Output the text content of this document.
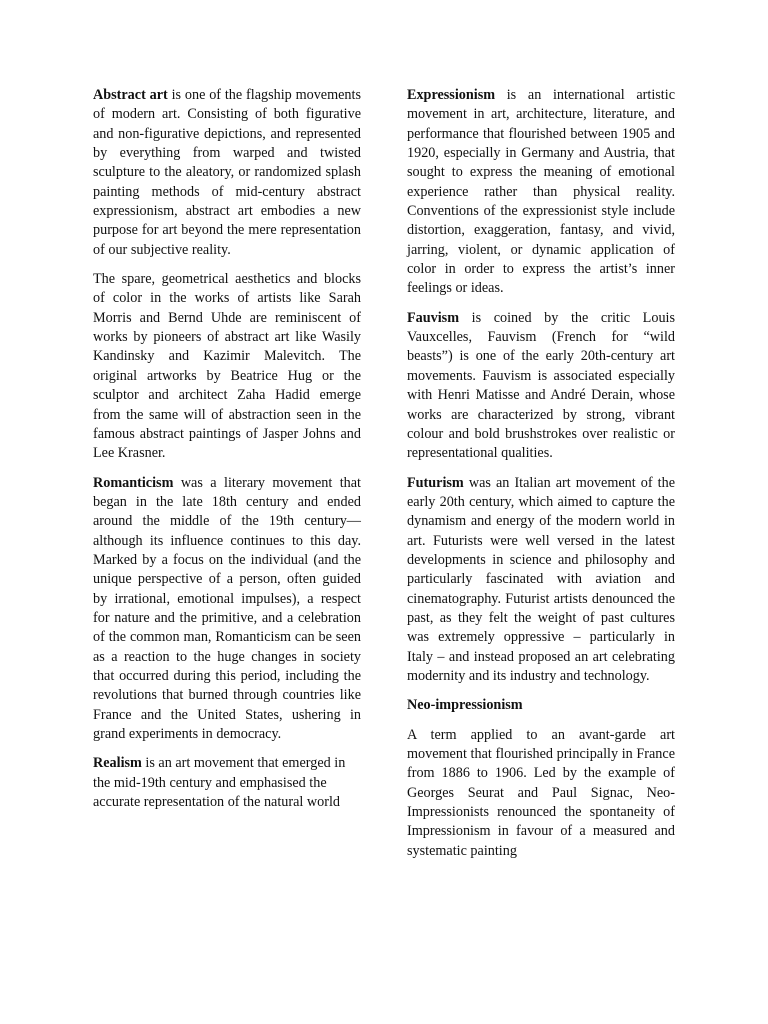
Abstract art is one of the flagship movements of modern art. Consisting of both figurative and non-figurative depictions, and represented by everything from warped and twisted sculpture to the aleatory, or randomized splash painting methods of mid-century abstract expressionism, abstract art embodies a new purpose for art beyond the mere representation of our subjective reality.

The spare, geometrical aesthetics and blocks of color in the works of artists like Sarah Morris and Bernd Uhde are reminiscent of works by pioneers of abstract art like Wasily Kandinsky and Kazimir Malevitch. The original artworks by Beatrice Hug or the sculptor and architect Zaha Hadid emerge from the same will of abstraction seen in the famous abstract paintings of Jasper Johns and Lee Krasner.

Romanticism was a literary movement that began in the late 18th century and ended around the middle of the 19th century—although its influence continues to this day. Marked by a focus on the individual (and the unique perspective of a person, often guided by irrational, emotional impulses), a respect for nature and the primitive, and a celebration of the common man, Romanticism can be seen as a reaction to the huge changes in society that occurred during this period, including the revolutions that burned through countries like France and the United States, ushering in grand experiments in democracy.

Realism is an art movement that emerged in the mid-19th century and emphasised the accurate representation of the natural world

Expressionism is an international artistic movement in art, architecture, literature, and performance that flourished between 1905 and 1920, especially in Germany and Austria, that sought to express the meaning of emotional experience rather than physical reality. Conventions of the expressionist style include distortion, exaggeration, fantasy, and vivid, jarring, violent, or dynamic application of color in order to express the artist’s inner feelings or ideas.

Fauvism is coined by the critic Louis Vauxcelles, Fauvism (French for “wild beasts”) is one of the early 20th-century art movements. Fauvism is associated especially with Henri Matisse and André Derain, whose works are characterized by strong, vibrant colour and bold brushstrokes over realistic or representational qualities.

Futurism was an Italian art movement of the early 20th century, which aimed to capture the dynamism and energy of the modern world in art. Futurists were well versed in the latest developments in science and philosophy and particularly fascinated with aviation and cinematography. Futurist artists denounced the past, as they felt the weight of past cultures was extremely oppressive – particularly in Italy – and instead proposed an art celebrating modernity and its industry and technology.

Neo-impressionism

A term applied to an avant-garde art movement that flourished principally in France from 1886 to 1906. Led by the example of Georges Seurat and Paul Signac, Neo-Impressionists renounced the spontaneity of Impressionism in favour of a measured and systematic painting
